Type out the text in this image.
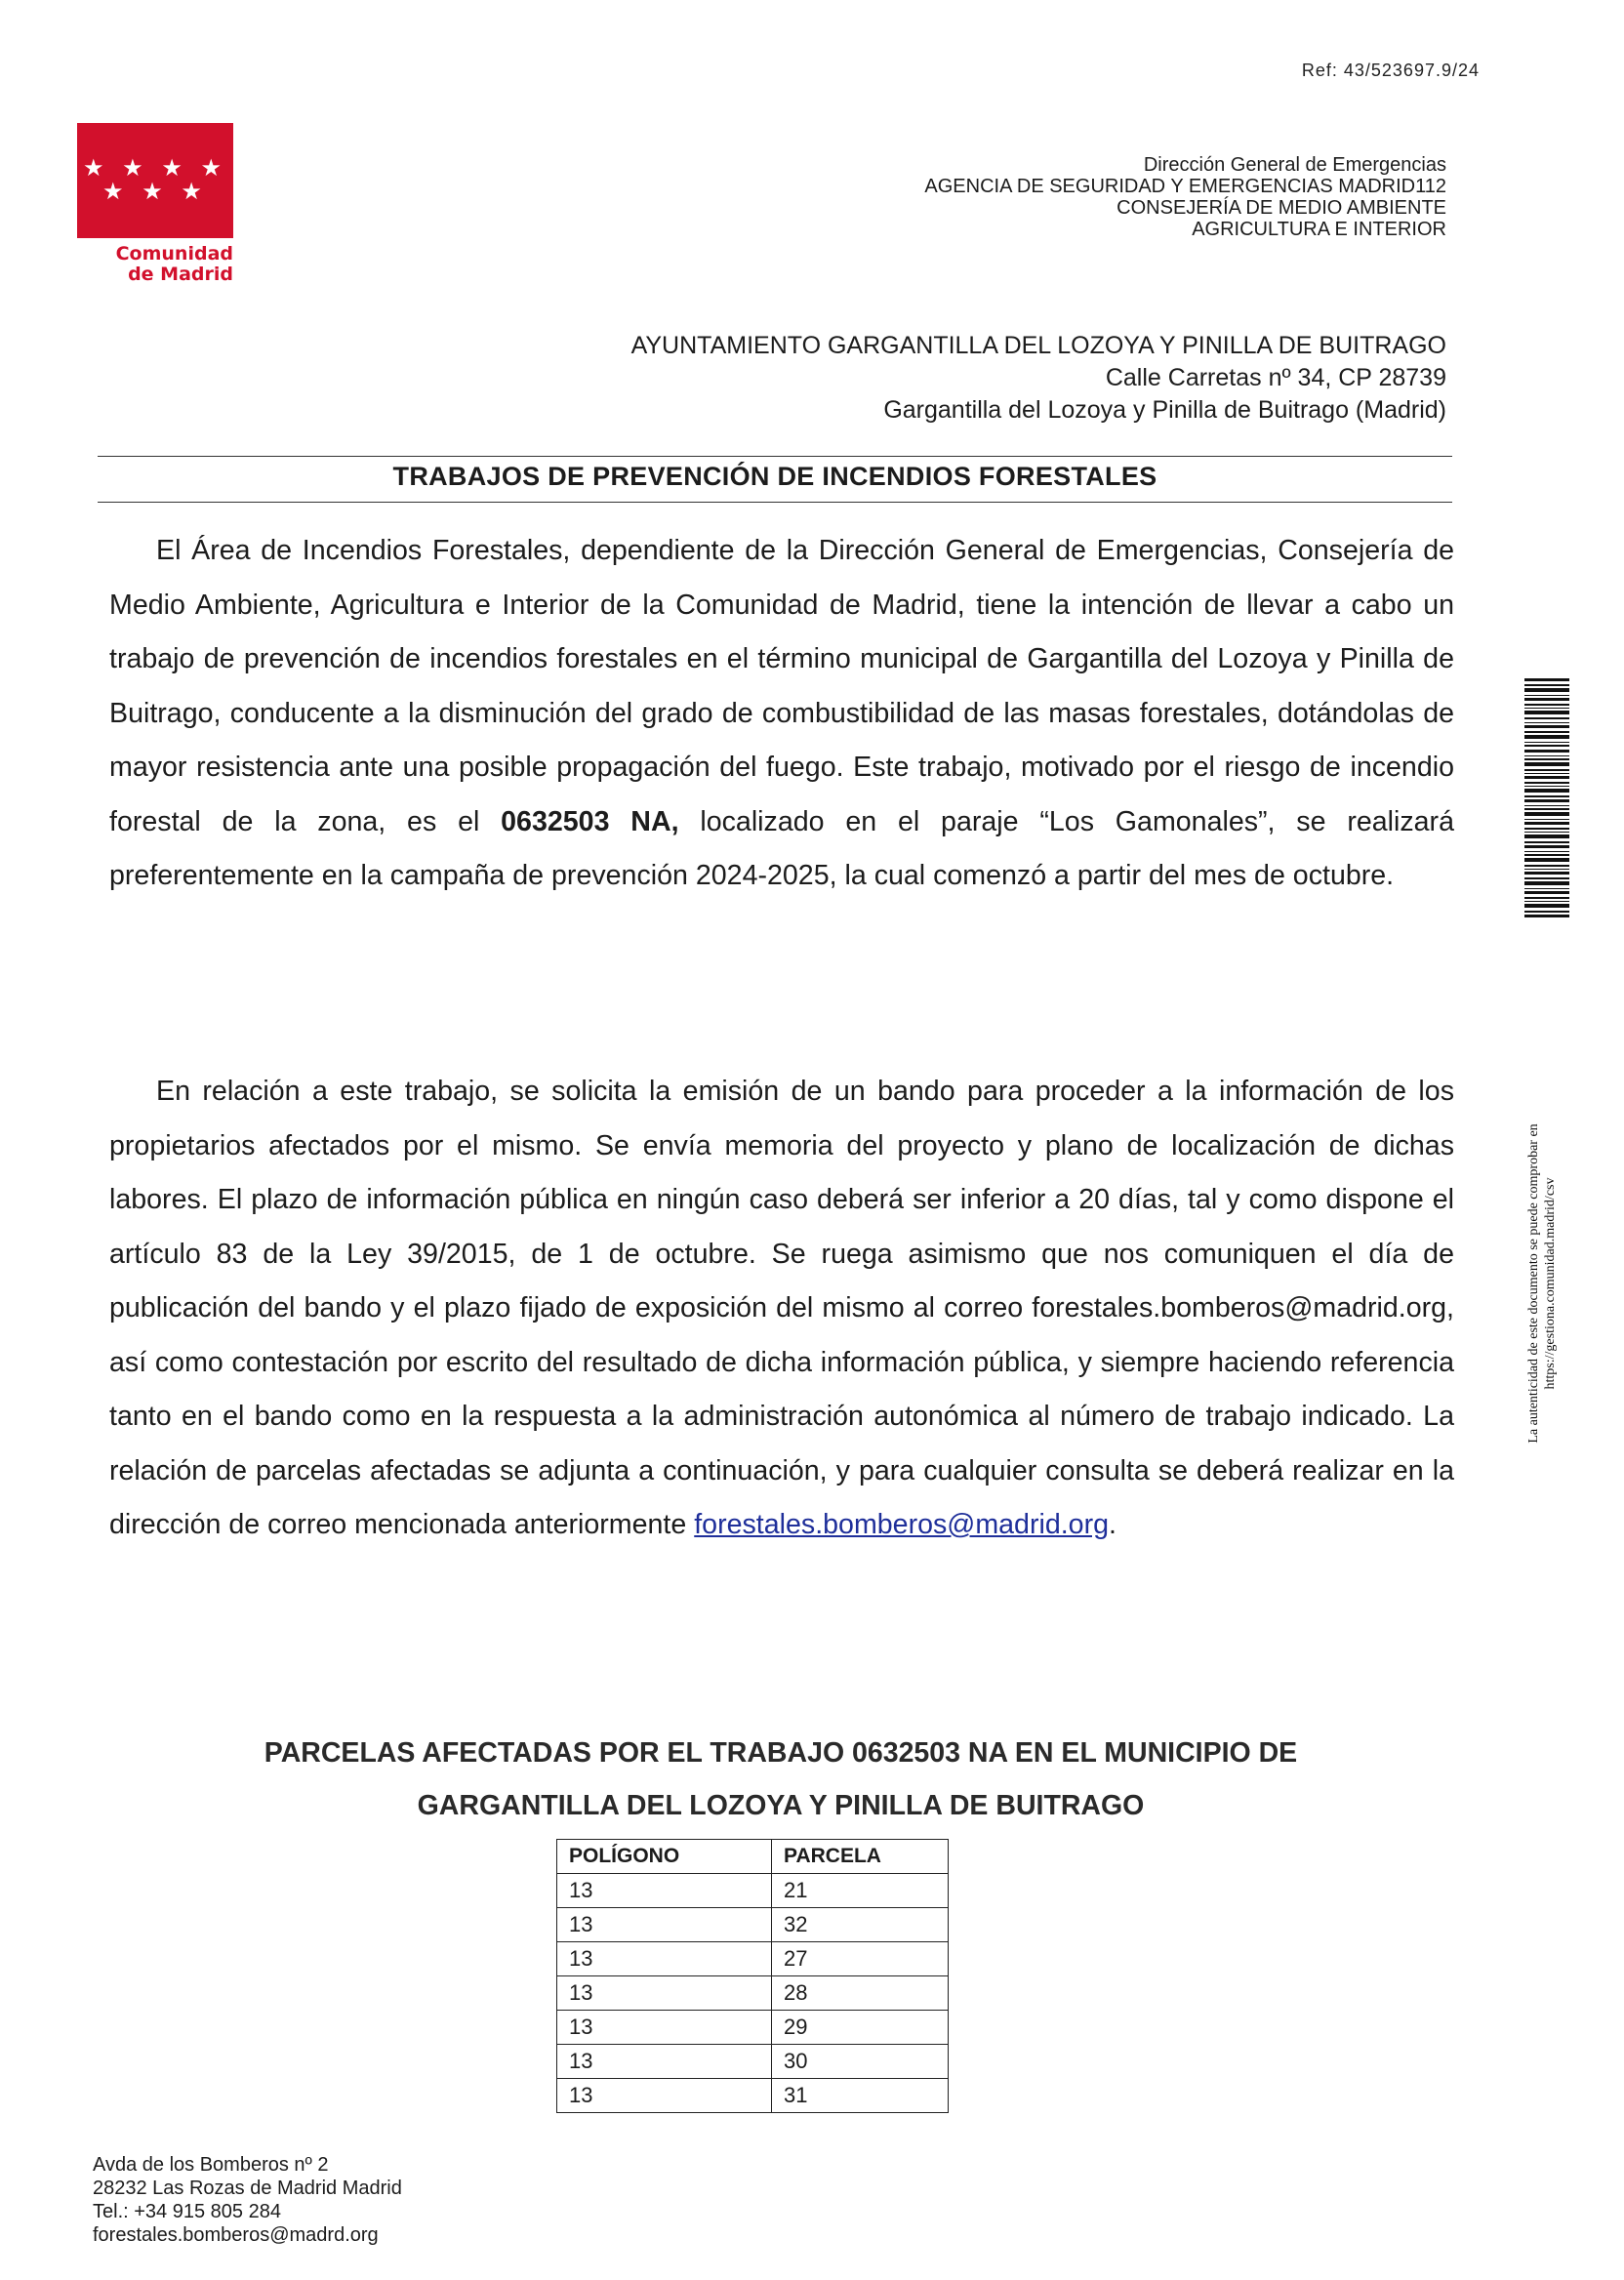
Ref: 43/523697.9/24
★ ★ ★ ★
★ ★ ★
Comunidad
de Madrid
Dirección General de Emergencias
AGENCIA DE SEGURIDAD Y EMERGENCIAS MADRID112
CONSEJERÍA DE MEDIO AMBIENTE
AGRICULTURA E INTERIOR
AYUNTAMIENTO GARGANTILLA DEL LOZOYA Y PINILLA DE BUITRAGO
Calle Carretas nº 34, CP 28739
Gargantilla del Lozoya y Pinilla de Buitrago (Madrid)
TRABAJOS DE PREVENCIÓN DE INCENDIOS FORESTALES

El Área de Incendios Forestales, dependiente de la Dirección General de Emergencias, Consejería de Medio Ambiente, Agricultura e Interior de la Comunidad de Madrid, tiene la intención de llevar a cabo un trabajo de prevención de incendios forestales en el término municipal de Gargantilla del Lozoya y Pinilla de Buitrago, conducente a la disminución del grado de combustibilidad de las masas forestales, dotándolas de mayor resistencia ante una posible propagación del fuego. Este trabajo, motivado por el riesgo de incendio forestal de la zona, es el 0632503 NA, localizado en el paraje “Los Gamonales”, se realizará preferentemente en la campaña de prevención 2024-2025, la cual comenzó a partir del mes de octubre.

En relación a este trabajo, se solicita la emisión de un bando para proceder a la información de los propietarios afectados por el mismo. Se envía memoria del proyecto y plano de localización de dichas labores. El plazo de información pública en ningún caso deberá ser inferior a 20 días, tal y como dispone el artículo 83 de la Ley 39/2015, de 1 de octubre. Se ruega asimismo que nos comuniquen el día de publicación del bando y el plazo fijado de exposición del mismo al correo forestales.bomberos@madrid.org, así como contestación por escrito del resultado de dicha información pública, y siempre haciendo referencia tanto en el bando como en la respuesta a la administración autonómica al número de trabajo indicado. La relación de parcelas afectadas se adjunta a continuación, y para cualquier consulta se deberá realizar en la dirección de correo mencionada anteriormente forestales.bomberos@madrid.org.

PARCELAS AFECTADAS POR EL TRABAJO 0632503 NA EN EL MUNICIPIO DE
GARGANTILLA DEL LOZOYA Y PINILLA DE BUITRAGO
POLÍGONO	PARCELA
13	21
13	32
13	27
13	28
13	29
13	30
13	31
Avda de los Bomberos nº 2
28232 Las Rozas de Madrid Madrid
Tel.: +34 915 805 284
forestales.bomberos@madrd.org
La autenticidad de este documento se puede comprobar en https://gestiona.comunidad.madrid/csv
